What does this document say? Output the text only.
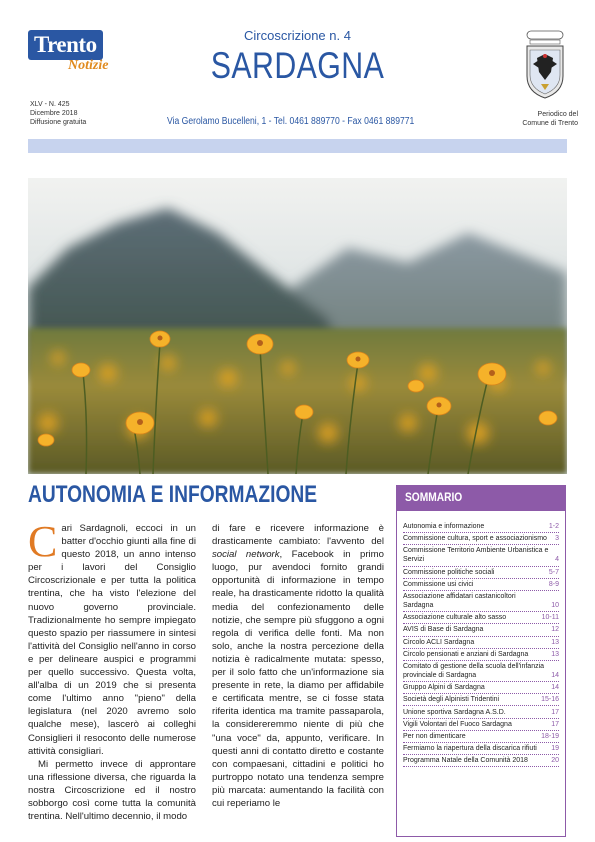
Trento
Notizie
Circoscrizione n. 4
SARDAGNA
XLV - N. 425
Dicembre 2018
Diffusione gratuita	Via Gerolamo Bucelleni, 1 - Tel. 0461 889770 - Fax 0461 889771
Periodico del
Comune di Trento
AUTONOMIA E INFORMAZIONE

Cari Sardagnoli, eccoci in un batter d'occhio giunti alla fine di questo 2018, un anno intenso per i lavori del Consiglio Circoscrizionale e per tutta la politica trentina, che ha visto l'elezione del nuovo governo provinciale. Tradizionalmente ho sempre impiegato questo spazio per riassumere in sintesi l'attività del Consiglio nell'anno in corso e per delineare auspici e programmi per quello successivo. Questa volta, all'alba di un 2019 che si presenta come l'ultimo anno "pieno" della legislatura (nel 2020 avremo solo qualche mese), lascerò ai colleghi Consiglieri il resoconto delle numerose attività consigliari.

Mi permetto invece di approntare una riflessione diversa, che riguarda la nostra Circoscrizione ed il nostro sobborgo così come tutta la comunità trentina. Nell'ultimo decennio, il modo

di fare e ricevere informazione è drasticamente cambiato: l'avvento del social network, Facebook in primo luogo, pur avendoci fornito grandi opportunità di informazione in tempo reale, ha drasticamente ridotto la qualità media del confezionamento delle notizie, che sempre più sfuggono a ogni regola di verifica delle fonti. Ma non solo, anche la nostra percezione della notizia è radicalmente mutata: spesso, per il solo fatto che un'informazione sia presente in rete, la diamo per affidabile e certificata mentre, se ci fosse stata riferita identica ma tramite passaparola, la considereremmo niente di più che "una voce" da, appunto, verificare. In questi anni di contatto diretto e costante con compaesani, cittadini e politici ho purtroppo notato una tendenza sempre più marcata: aumentando la facilità con cui reperiamo le

SOMMARIO
Autonomia e informazione	1-2
Commissione cultura, sport e associazionismo	3
Commissione Territorio Ambiente Urbanistica e Servizi	4
Commissione politiche sociali	5-7
Commissione usi civici	8-9
Associazione affidatari castanicoltori Sardagna	10
Associazione culturale alto sasso	10-11
AVIS di Base di Sardagna	12
Circolo ACLI Sardagna	13
Circolo pensionati e anziani di Sardagna	13
Comitato di gestione della scuola dell'infanzia provinciale di Sardagna	14
Gruppo Alpini di Sardagna	14
Società degli Alpinisti Tridentini	15-16
Unione sportiva Sardagna A.S.D.	17
Vigili Volontari del Fuoco Sardagna	17
Per non dimenticare	18-19
Fermiamo la riapertura della discarica rifiuti	19
Programma Natale della Comunità 2018	20
